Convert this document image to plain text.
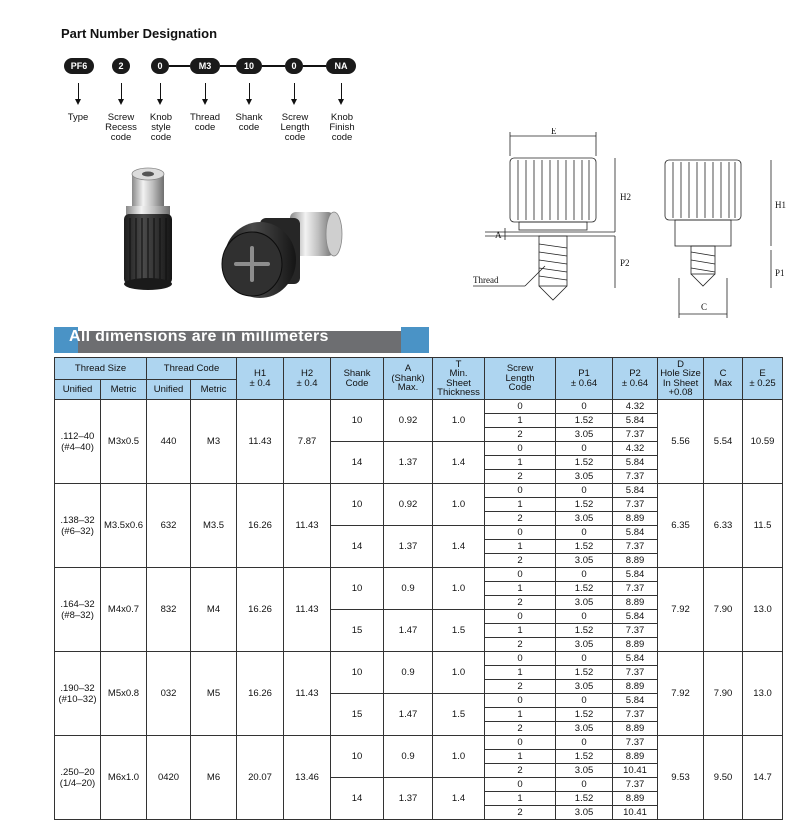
Part Number Designation
PF6
Type
2
Screw
Recess
code
0
Knob
style
code
M3
Thread
code
10
Shank
code
0
Screw
Length
code
NA
Knob
Finish
code
E
H2
P2
A
Thread
H1
P1
C
All dimensions are in millimeters
Thread Size		Thread Code		H1
± 0.4	H2
± 0.4	Shank
Code	A
(Shank)
Max.	T
Min.
Sheet
Thickness	Screw
Length
Code	P1
± 0.64	P2
± 0.64	D
Hole Size
In Sheet
+0.08	C
Max	E
± 0.25
Unified	Metric	Unified	Metric											
.112–40
(#4–40)	M3x0.5	440	M3	11.43	7.87	10	0.92	1.0	0	0	4.32	5.56	5.54	10.59
									1	1.52	5.84			
									2	3.05	7.37			
						14	1.37	1.4	0	0	4.32			
									1	1.52	5.84			
									2	3.05	7.37			
.138–32
(#6–32)	M3.5x0.6	632	M3.5	16.26	11.43	10	0.92	1.0	0	0	5.84	6.35	6.33	11.5
									1	1.52	7.37			
									2	3.05	8.89			
						14	1.37	1.4	0	0	5.84			
									1	1.52	7.37			
									2	3.05	8.89			
.164–32
(#8–32)	M4x0.7	832	M4	16.26	11.43	10	0.9	1.0	0	0	5.84	7.92	7.90	13.0
									1	1.52	7.37			
									2	3.05	8.89			
						15	1.47	1.5	0	0	5.84			
									1	1.52	7.37			
									2	3.05	8.89			
.190–32
(#10–32)	M5x0.8	032	M5	16.26	11.43	10	0.9	1.0	0	0	5.84	7.92	7.90	13.0
									1	1.52	7.37			
									2	3.05	8.89			
						15	1.47	1.5	0	0	5.84			
									1	1.52	7.37			
									2	3.05	8.89			
.250–20
(1/4–20)	M6x1.0	0420	M6	20.07	13.46	10	0.9	1.0	0	0	7.37	9.53	9.50	14.7
									1	1.52	8.89			
									2	3.05	10.41			
						14	1.37	1.4	0	0	7.37			
									1	1.52	8.89			
									2	3.05	10.41			
